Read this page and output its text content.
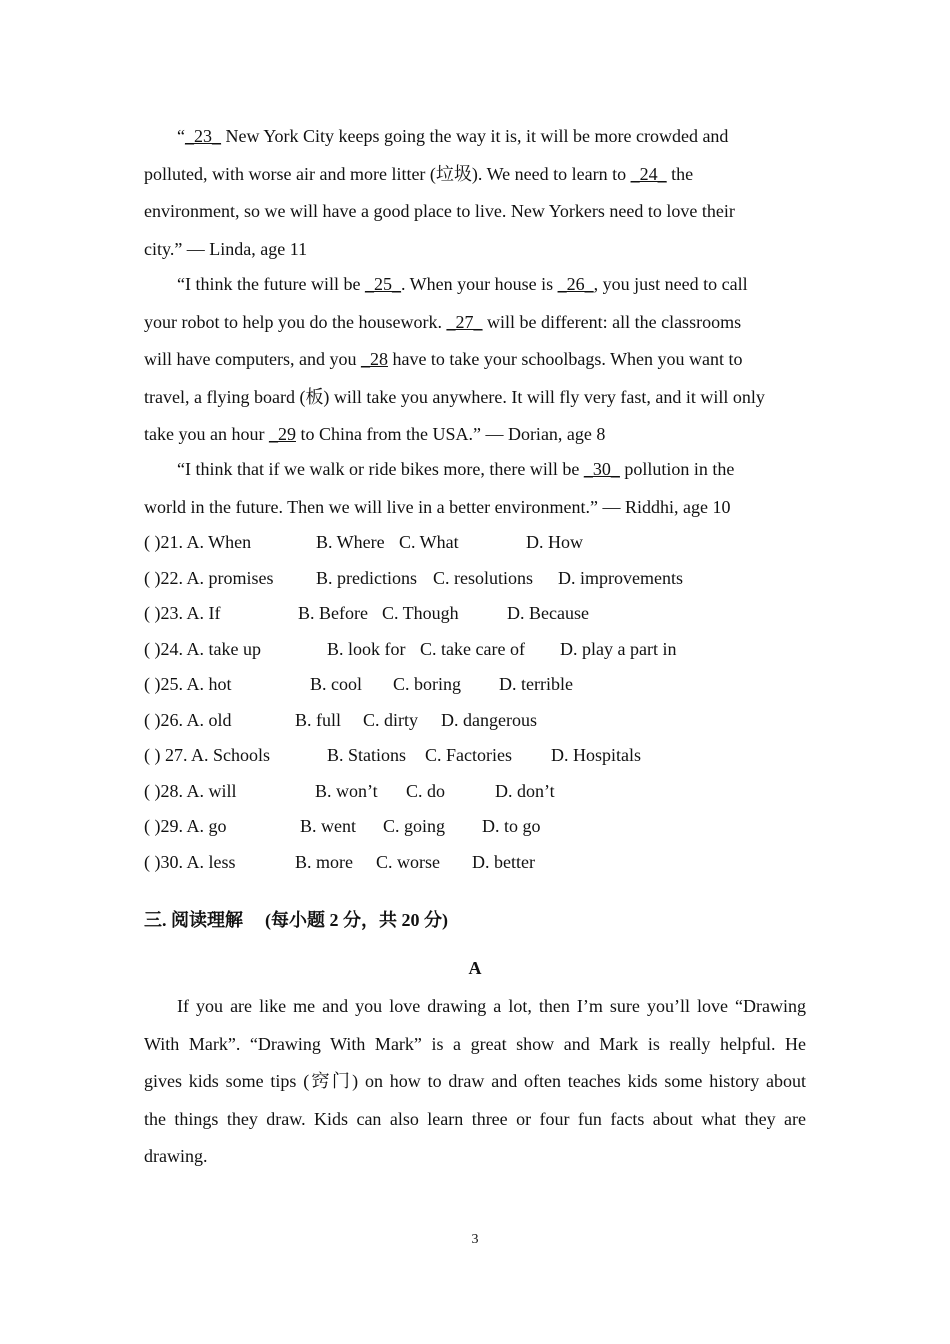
“_23_ New York City keeps going the way it is, it will be more crowded and
polluted, with worse air and more litter (垃圾). We need to learn to _24_ the
environment, so we will have a good place to live. New Yorkers need to love their
city.” — Linda, age 11
“I think the future will be _25_. When your house is _26_, you just need to call
your robot to help you do the housework. _27_ will be different: all the classrooms
will have computers, and you _28 have to take your schoolbags. When you want to
travel, a flying board (板) will take you anywhere. It will fly very fast, and it will only
take you an hour _29 to China from the USA.” — Dorian, age 8
“I think that if we walk or ride bikes more, there will be _30_ pollution in the
world in the future. Then we will live in a better environment.” — Riddhi, age 10
( )21. A. When	B. Where C. What	D. How
( )22. A. promises B. predictions C. resolutions D. improvements
( )23. A. If	B. Before C. Though	D. Because
( )24. A. take up	B. look for C. take care of D. play a part in
( )25. A. hot	B. cool C. boring D. terrible
( )26. A. old	B. full C. dirty D. dangerous
( ) 27. A. Schools	B. Stations C. Factories D. Hospitals
( )28. A. will	B. won’t C. do	D. don’t
( )29. A. go	B. went C. going D. to go
( )30. A. less	B. more C. worse D. better
三. 阅读理解 (每小题 2 分，共 20 分)
A
If you are like me and you love drawing a lot, then I’m sure you’ll love “Drawing
With Mark”. “Drawing With Mark” is a great show and Mark is really helpful. He
gives kids some tips (窍门) on how to draw and often teaches kids some history about
the things they draw. Kids can also learn three or four fun facts about what they are
drawing.
3
